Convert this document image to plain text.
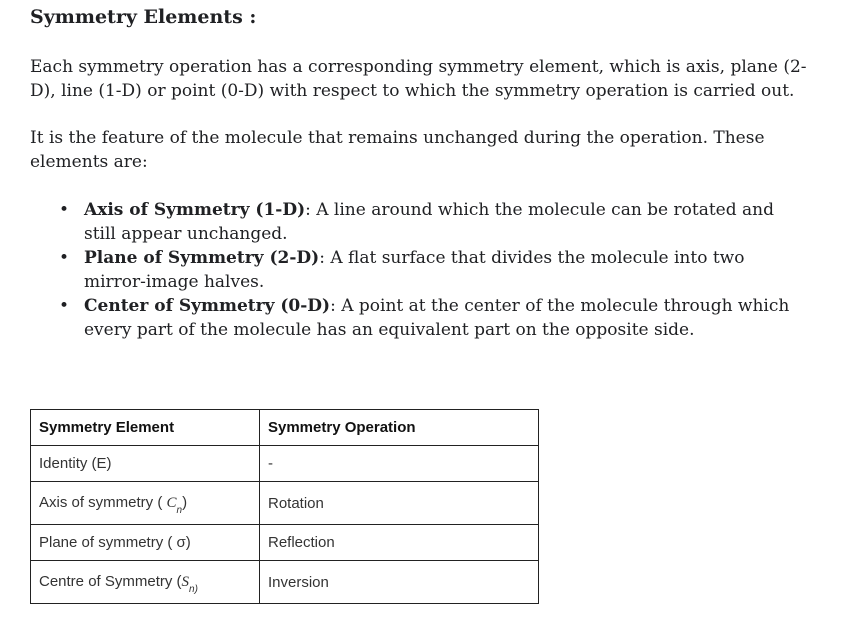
Symmetry Elements :

Each symmetry operation has a corresponding symmetry element, which is axis, plane (2-D), line (1-D) or point (0-D) with respect to which the symmetry operation is carried out.

It is the feature of the molecule that remains unchanged during the operation. These elements are:

• Axis of Symmetry (1-D): A line around which the molecule can be rotated and still appear unchanged.
• Plane of Symmetry (2-D): A flat surface that divides the molecule into two mirror-image halves.
• Center of Symmetry (0-D): A point at the center of the molecule through which every part of the molecule has an equivalent part on the opposite side.
Symmetry Element	Symmetry Operation
Identity (E)	-
Axis of symmetry ( $C_n$)	Rotation
Plane of symmetry ( σ)	Reflection
Centre of Symmetry ($S_{n)}$	Inversion
